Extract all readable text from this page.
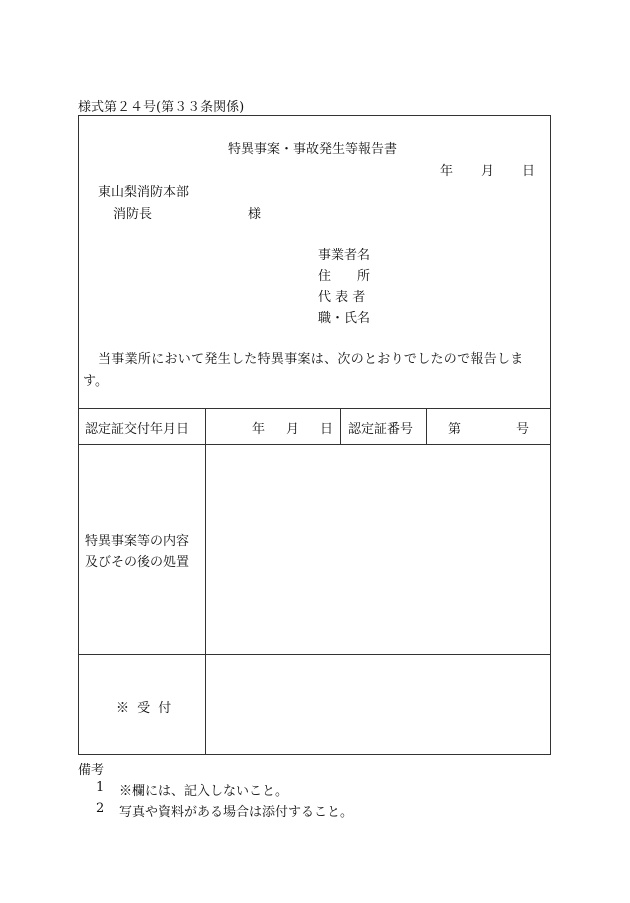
様式第２４号(第３３条関係)
特異事案・事故発生等報告書
年 月 日
東山梨消防本部
消防長	様
事業者名
住　　所
代 表 者
職・氏名
当事業所において発生した特異事案は、次のとおりでしたので報告しま
す。
認定証交付年月日	年 月 日 認定証番号	第	号
特異事案等の内容
及びその後の処置
※ 受 付
備考
1 ※欄には、記入しないこと。
2 写真や資料がある場合は添付すること。
